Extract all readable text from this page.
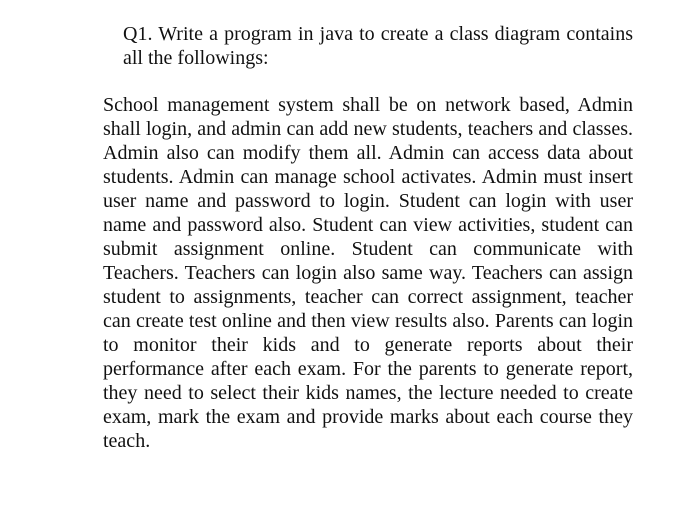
Q1. Write a program in java to create a class diagram contains all the followings:

School management system shall be on network based, Admin shall login, and admin can add new students, teachers and classes. Admin also can modify them all. Admin can access data about students. Admin can manage school activates. Admin must insert user name and password to login. Student can login with user name and password also. Student can view activities, student can submit assignment online. Student can communicate with Teachers. Teachers can login also same way. Teachers can assign student to assignments, teacher can correct assignment, teacher can create test online and then view results also. Parents can login to monitor their kids and to generate reports about their performance after each exam. For the parents to generate report, they need to select their kids names, the lecture needed to create exam, mark the exam and provide marks about each course they teach.
